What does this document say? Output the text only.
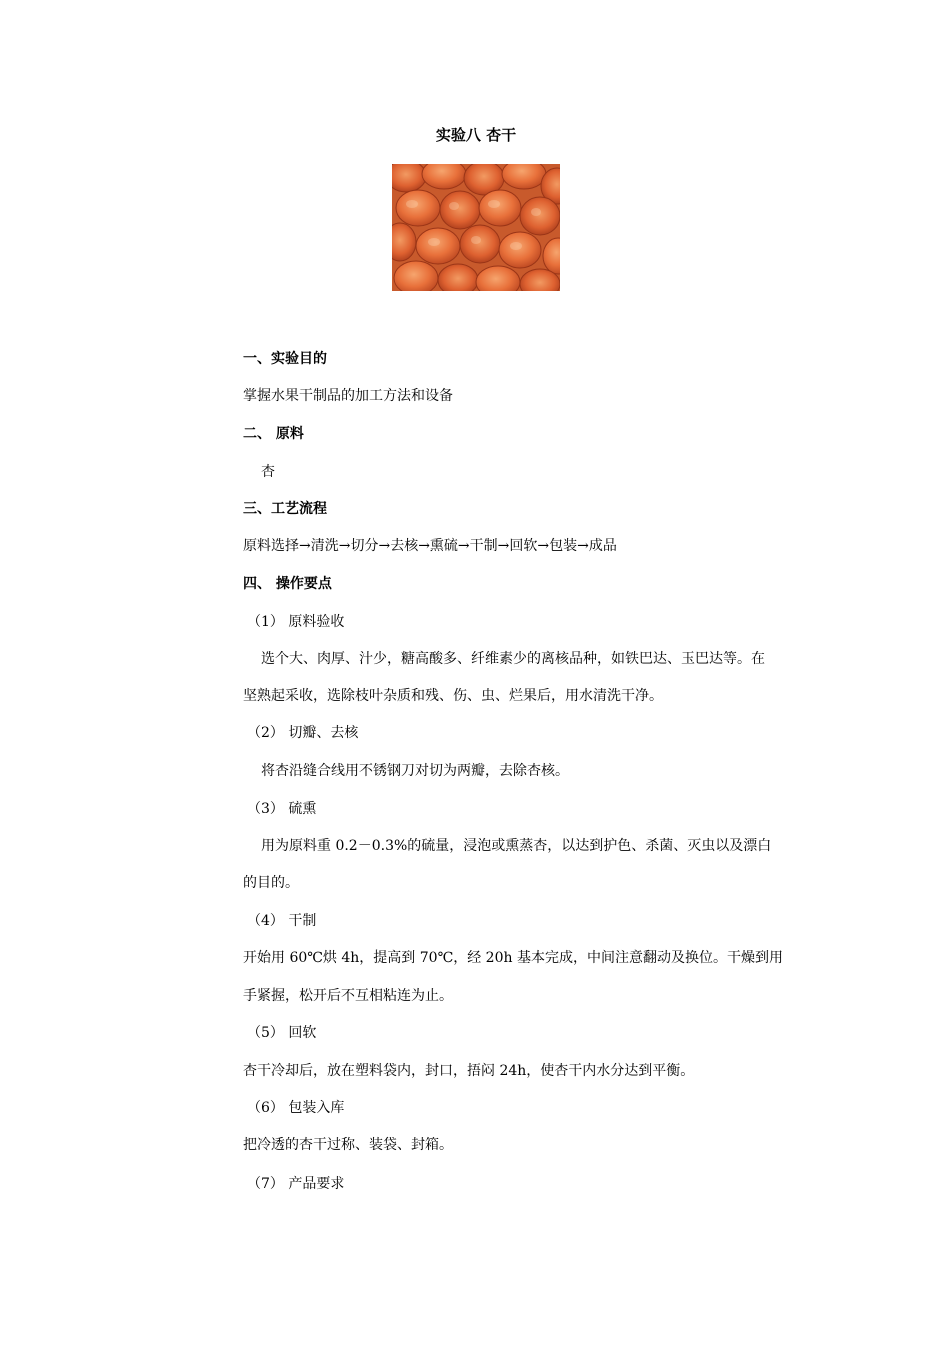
实验八 杏干
一、实验目的
掌握水果干制品的加工方法和设备
二、 原料
杏
三、工艺流程
原料选择→清洗→切分→去核→熏硫→干制→回软→包装→成品
四、 操作要点
（1） 原料验收
选个大、肉厚、汁少，糖高酸多、纤维素少的离核品种，如铁巴达、玉巴达等。在
坚熟起采收，选除枝叶杂质和残、伤、虫、烂果后，用水清洗干净。
（2） 切瓣、去核
将杏沿缝合线用不锈钢刀对切为两瓣，去除杏核。
（3） 硫熏
用为原料重 0.2－0.3%的硫量，浸泡或熏蒸杏，以达到护色、杀菌、灭虫以及漂白
的目的。
（4） 干制
开始用 60℃烘 4h，提高到 70℃，经 20h 基本完成，中间注意翻动及换位。干燥到用
手紧握，松开后不互相粘连为止。
（5） 回软
杏干冷却后，放在塑料袋内，封口，捂闷 24h，使杏干内水分达到平衡。
（6） 包装入库
把冷透的杏干过称、装袋、封箱。
（7） 产品要求
